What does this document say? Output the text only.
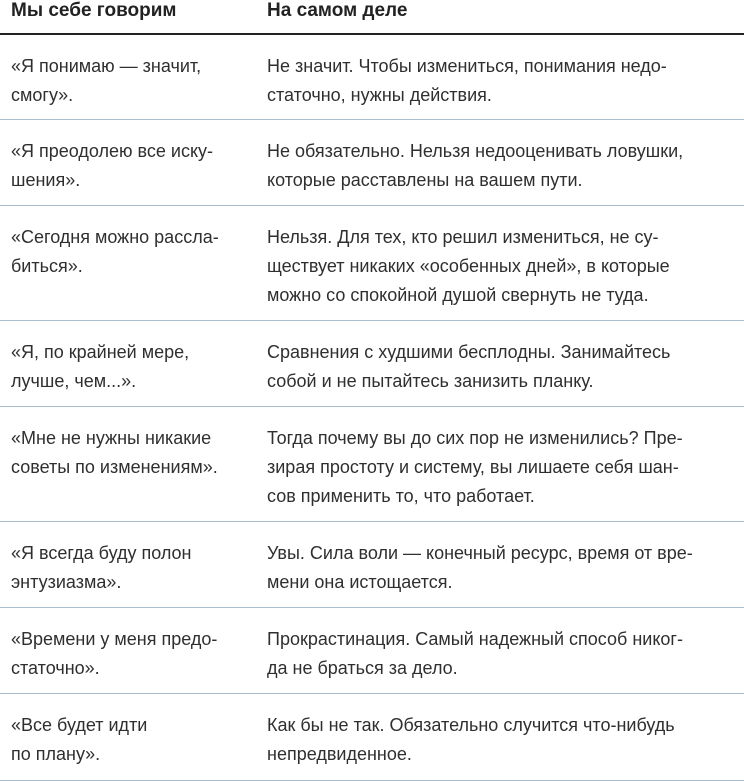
Мы себе говорим	На самом деле
«Я понимаю — значит,
смогу».
Не значит. Чтобы измениться, понимания недо-
статочно, нужны действия.
«Я преодолею все иску-
шения».
Не обязательно. Нельзя недооценивать ловушки,
которые расставлены на вашем пути.
«Сегодня можно рассла-
биться».
Нельзя. Для тех, кто решил измениться, не су-
ществует никаких «особенных дней», в которые
можно со спокойной душой свернуть не туда.
«Я, по крайней мере,
лучше, чем...».
Сравнения с худшими бесплодны. Занимайтесь
собой и не пытайтесь занизить планку.
«Мне не нужны никакие
советы по изменениям».
Тогда почему вы до сих пор не изменились? Пре-
зирая простоту и систему, вы лишаете себя шан-
сов применить то, что работает.
«Я всегда буду полон
энтузиазма».
Увы. Сила воли — конечный ресурс, время от вре-
мени она истощается.
«Времени у меня предо-
статочно».
Прокрастинация. Самый надежный способ никог-
да не браться за дело.
«Все будет идти
по плану».
Как бы не так. Обязательно случится что-нибудь
непредвиденное.
